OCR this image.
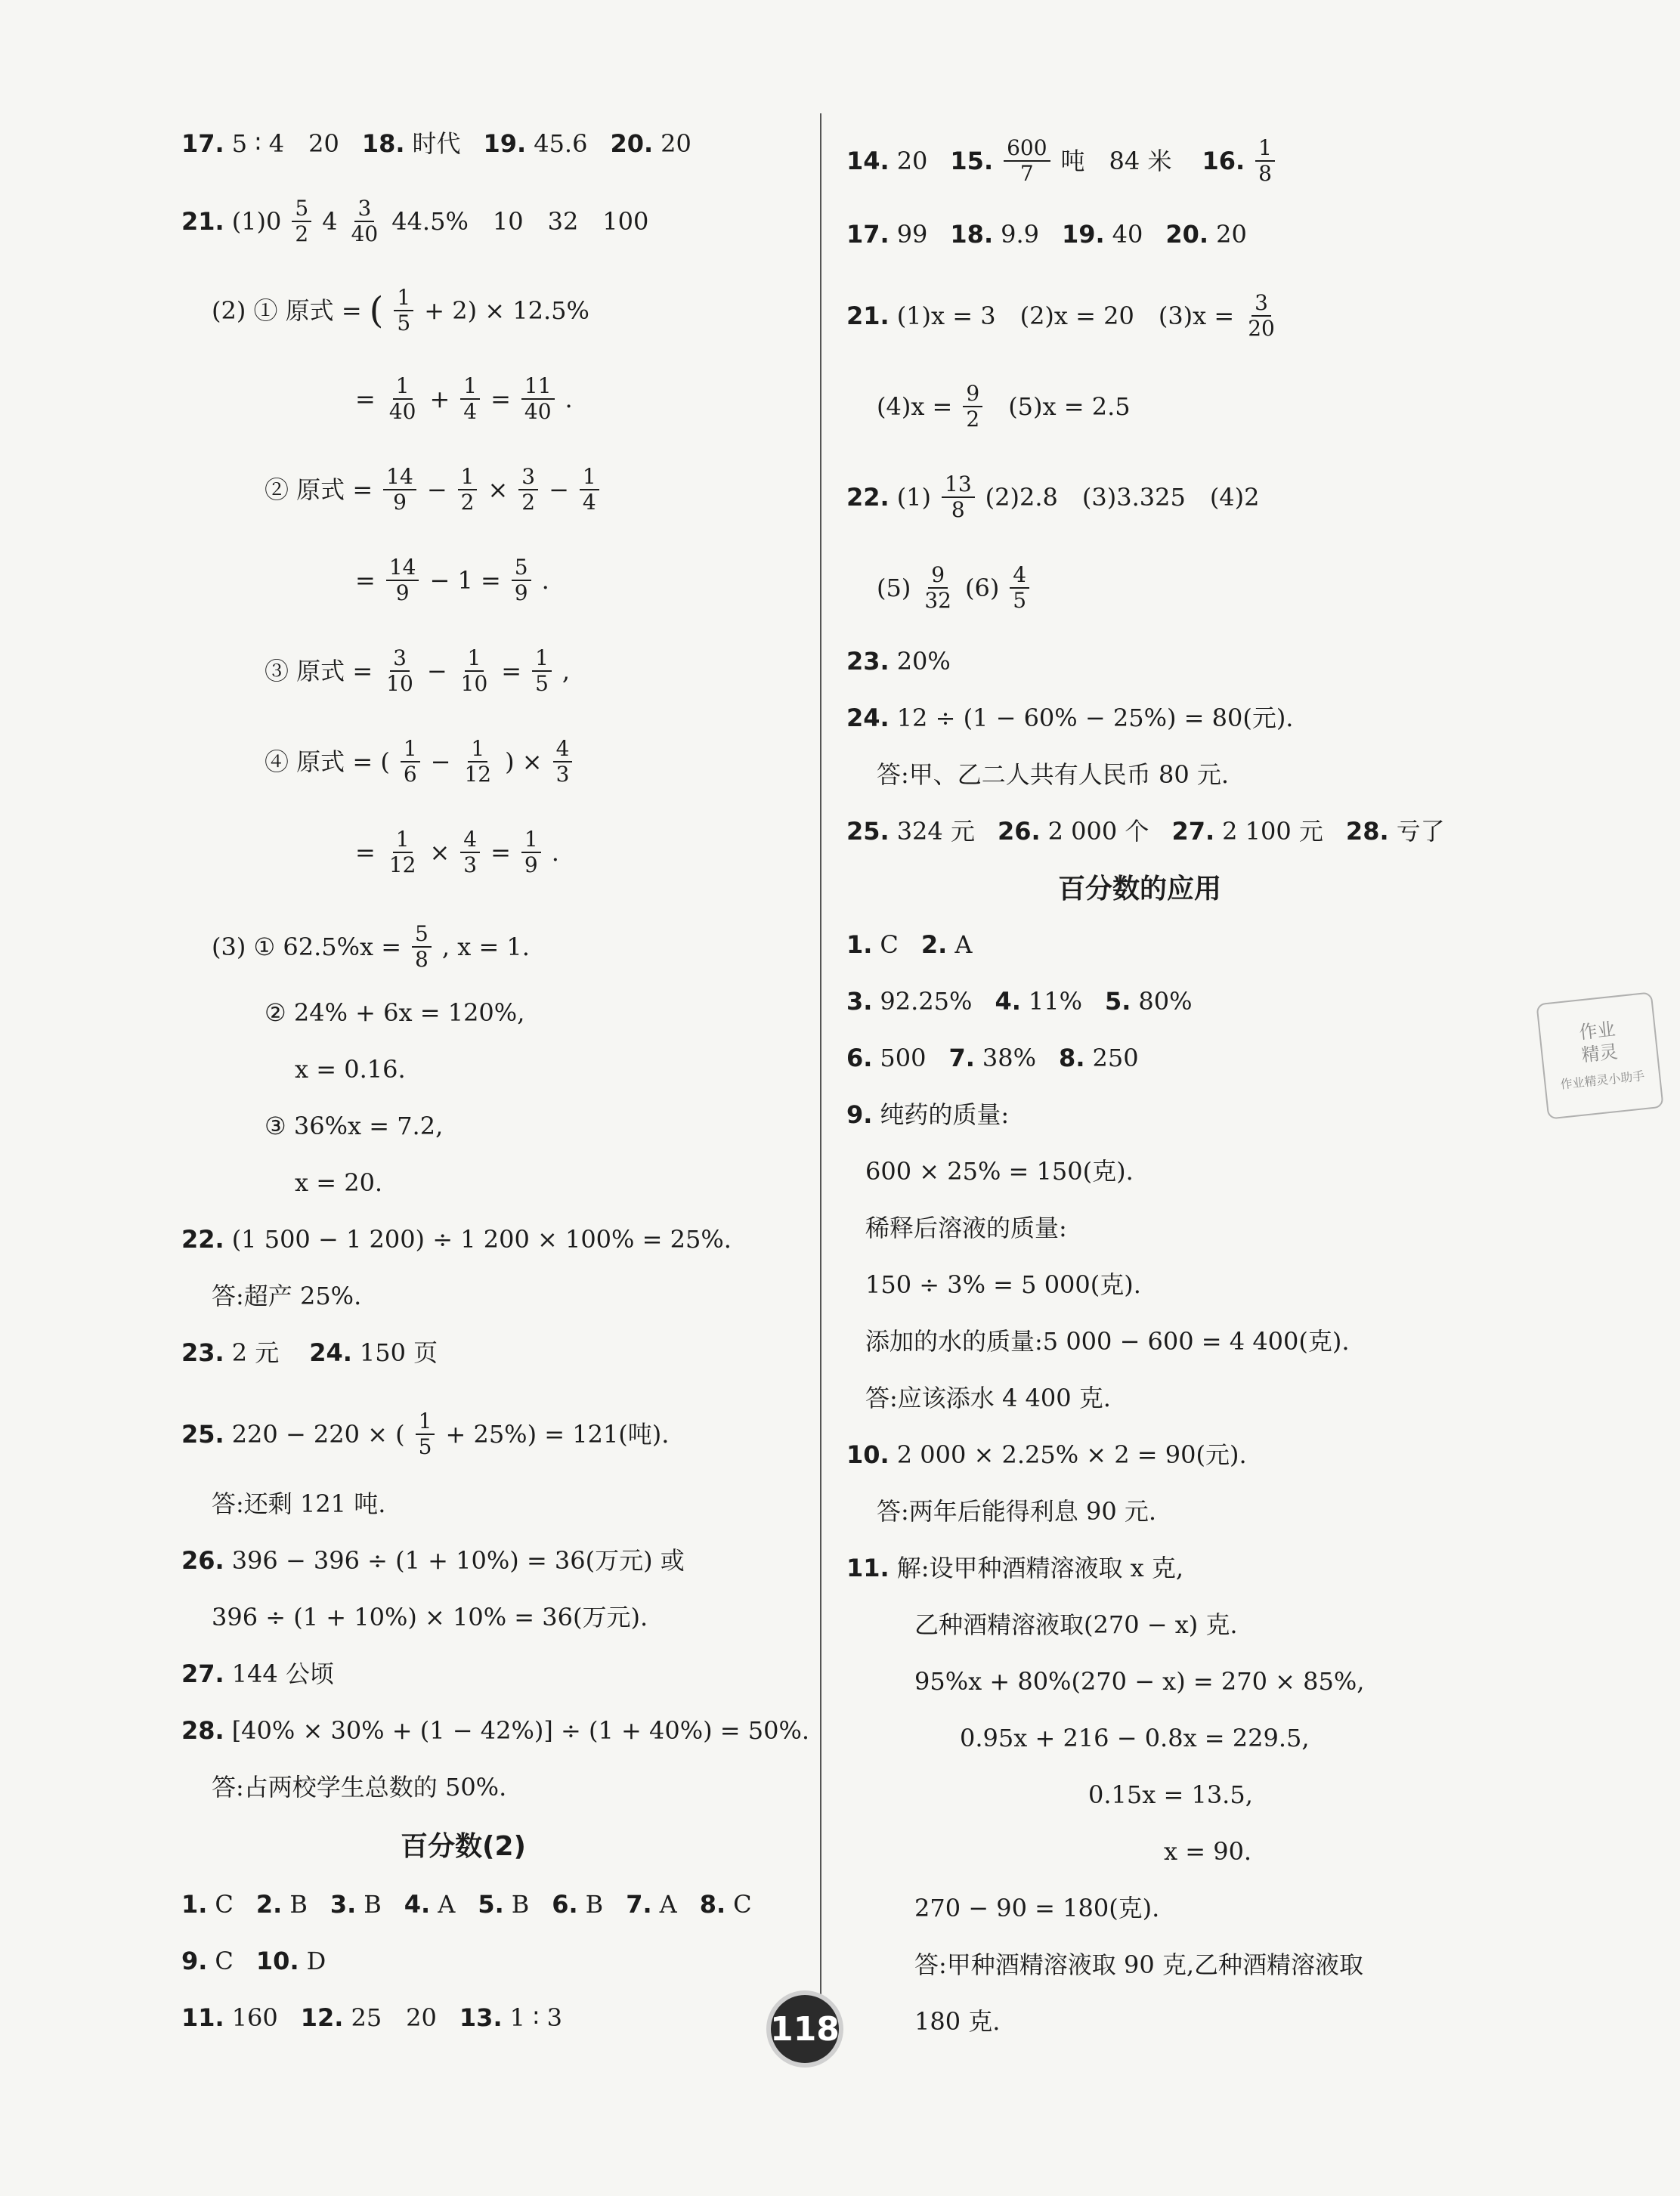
17. 5 ∶ 4　20 18. 时代 19. 45.6 20. 20
21. $(1)0 \frac{5}{2} 4 \frac{3}{40} 44.5\%$　10　32　100
(2) ① 原式 = ( $\frac{1}{5} + 2) \times 12.5\%$
= $\frac{1}{40} + \frac{1}{4} = \frac{11}{40}$ .
② 原式 = $\frac{14}{9} - \frac{1}{2} \times \frac{3}{2} - \frac{1}{4}$
= $\frac{14}{9} - 1 = \frac{5}{9}$ .
③ 原式 = $\frac{3}{10} - \frac{1}{10} = \frac{1}{5}$ ,
④ 原式 = ( $\frac{1}{6} - \frac{1}{12}$ ) × $\frac{4}{3}$
= $\frac{1}{12} \times \frac{4}{3} = \frac{1}{9}$ .
(3) ① $62.5\%x = \frac{5}{8}$ , x = 1.
② 24% + 6x = 120%,
x = 0.16.
③ 36%x = 7.2,
x = 20.
22. (1 500 − 1 200) ÷ 1 200 × 100% = 25%.
答:超产 25%.
23. 2 元 24. 150 页
25. 220 − 220 × ( $\frac{1}{5} + 25\%) = 121$(吨).
答:还剩 121 吨.
26. 396 − 396 ÷ (1 + 10%) = 36(万元) 或
396 ÷ (1 + 10%) × 10% = 36(万元).
27. 144 公顷
28. [40% × 30% + (1 − 42%)] ÷ (1 + 40%) = 50%.
答:占两校学生总数的 50%.
百分数(2)
1. C 2. B 3. B 4. A 5. B 6. B 7. A 8. C
9. C 10. D
11. 160 12. 25　20 13. 1 ∶ 3
14. 20 15. $\frac{600}{7}$ 吨　84 米 16. $\frac{1}{8}$
17. 99 18. 9.9 19. 40 20. 20
21. (1)x = 3　(2)x = 20　$(3)x = \frac{3}{20}$
$(4)x = \frac{9}{2} (5)x = 2.5$
22. $(1) \frac{13}{8} (2)2.8$　(3)3.325　(4)2
$(5) \frac{9}{32} (6) \frac{4}{5}$
23. 20%
24. 12 ÷ (1 − 60% − 25%) = 80(元).
答:甲、乙二人共有人民币 80 元.
25. 324 元 26. 2 000 个 27. 2 100 元 28. 亏了
百分数的应用
1. C 2. A
3. 92.25% 4. 11% 5. 80%
6. 500 7. 38% 8. 250
9. 纯药的质量:
600 × 25% = 150(克).
稀释后溶液的质量:
150 ÷ 3% = 5 000(克).
添加的水的质量:5 000 − 600 = 4 400(克).
答:应该添水 4 400 克.
10. 2 000 × 2.25% × 2 = 90(元).
答:两年后能得利息 90 元.
11. 解:设甲种酒精溶液取 x 克,
乙种酒精溶液取(270 − x) 克.
95%x + 80%(270 − x) = 270 × 85%,
0.95x + 216 − 0.8x = 229.5,
0.15x = 13.5,
x = 90.
270 − 90 = 180(克).
答:甲种酒精溶液取 90 克,乙种酒精溶液取
180 克.
118
作业
精灵
作业精灵小助手
